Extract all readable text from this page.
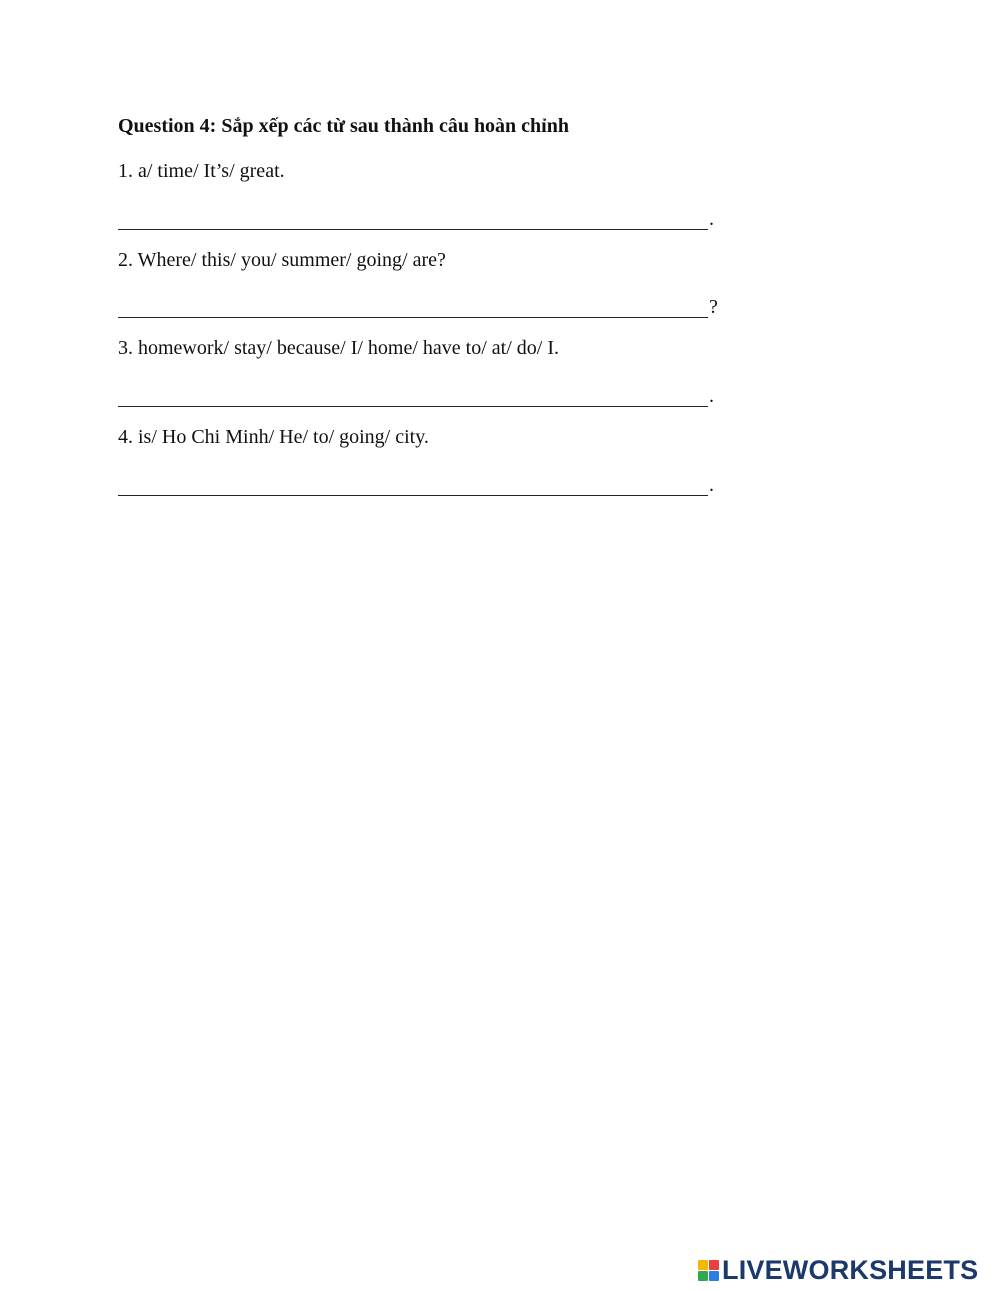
Question 4: Sắp xếp các từ sau thành câu hoàn chỉnh
1. a/ time/ It’s/ great.
.
2. Where/ this/ you/ summer/ going/ are?
?
3. homework/ stay/ because/ I/ home/ have to/ at/ do/ I.
.
4. is/ Ho Chi Minh/ He/ to/ going/ city.
.
LIVEWORKSHEETS
